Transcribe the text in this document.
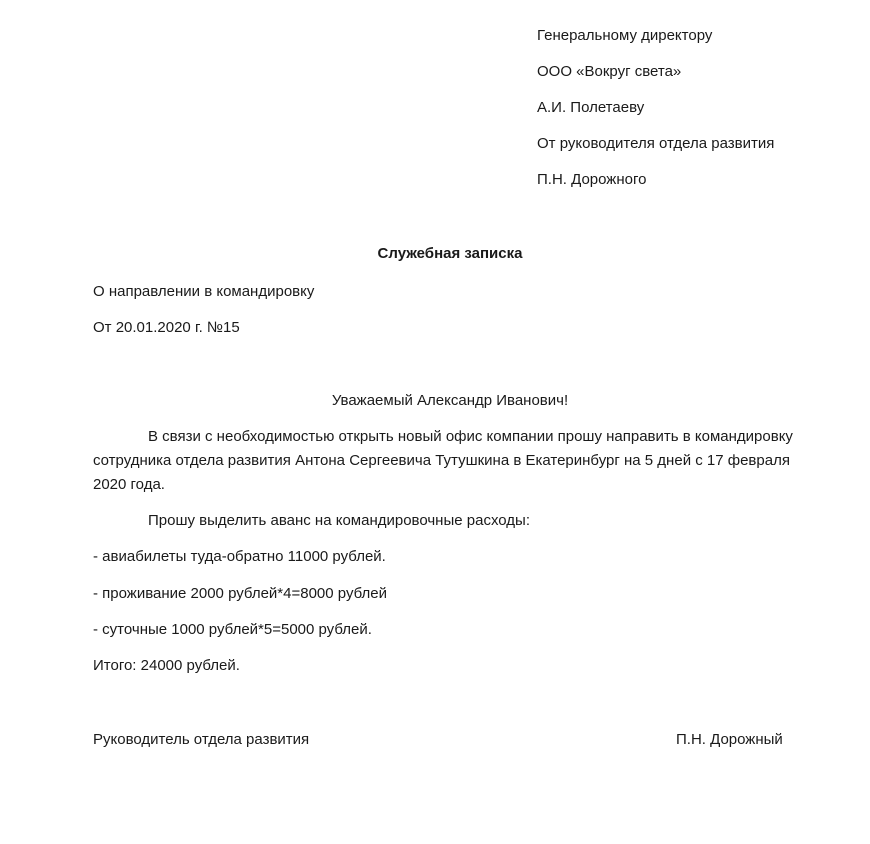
Генеральному директору
ООО «Вокруг света»
А.И. Полетаеву
От руководителя отдела развития
П.Н. Дорожного
Служебная записка
О направлении в командировку
От 20.01.2020 г. №15
Уважаемый Александр Иванович!
В связи с необходимостью открыть новый офис компании прошу направить в командировку сотрудника отдела развития Антона Сергеевича Тутушкина в Екатеринбург на 5 дней с 17 февраля 2020 года.
Прошу выделить аванс на командировочные расходы:
- авиабилеты туда-обратно 11000 рублей.
- проживание 2000 рублей*4=8000 рублей
- суточные 1000 рублей*5=5000 рублей.
Итого: 24000 рублей.
Руководитель отдела развития	П.Н. Дорожный
